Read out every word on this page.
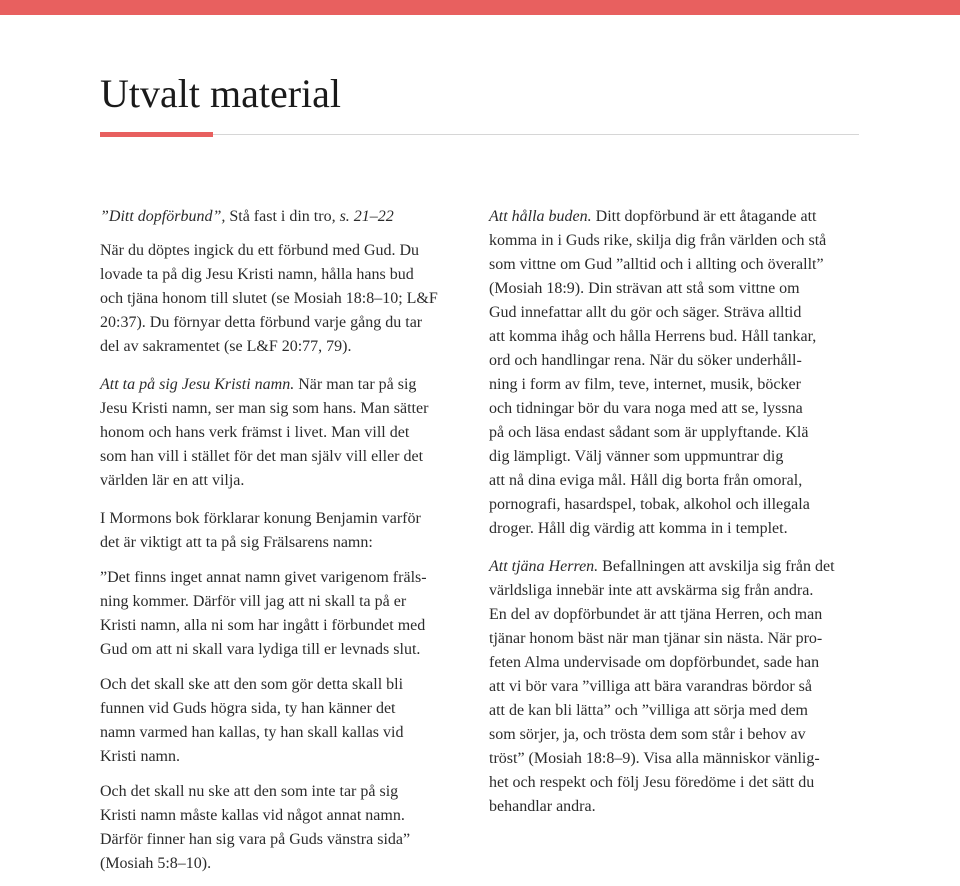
Utvalt material

”Ditt dopförbund”, Stå fast i din tro, s. 21–22

När du döptes ingick du ett förbund med Gud. Du
lovade ta på dig Jesu Kristi namn, hålla hans bud
och tjäna honom till slutet (se Mosiah 18:8–10; L&F
20:37). Du förnyar detta förbund varje gång du tar
del av sakramentet (se L&F 20:77, 79).

Att ta på sig Jesu Kristi namn. När man tar på sig
Jesu Kristi namn, ser man sig som hans. Man sätter
honom och hans verk främst i livet. Man vill det
som han vill i stället för det man själv vill eller det
världen lär en att vilja.

I Mormons bok förklarar konung Benjamin varför
det är viktigt att ta på sig Frälsarens namn:

”Det finns inget annat namn givet varigenom fräls-
ning kommer. Därför vill jag att ni skall ta på er
Kristi namn, alla ni som har ingått i förbundet med
Gud om att ni skall vara lydiga till er levnads slut.

Och det skall ske att den som gör detta skall bli
funnen vid Guds högra sida, ty han känner det
namn varmed han kallas, ty han skall kallas vid
Kristi namn.

Och det skall nu ske att den som inte tar på sig
Kristi namn måste kallas vid något annat namn.
Därför finner han sig vara på Guds vänstra sida”
(Mosiah 5:8–10).

Att hålla buden. Ditt dopförbund är ett åtagande att
komma in i Guds rike, skilja dig från världen och stå
som vittne om Gud ”alltid och i allting och överallt”
(Mosiah 18:9). Din strävan att stå som vittne om
Gud innefattar allt du gör och säger. Sträva alltid
att komma ihåg och hålla Herrens bud. Håll tankar,
ord och handlingar rena. När du söker underhåll-
ning i form av film, teve, internet, musik, böcker
och tidningar bör du vara noga med att se, lyssna
på och läsa endast sådant som är upplyftande. Klä
dig lämpligt. Välj vänner som uppmuntrar dig
att nå dina eviga mål. Håll dig borta från omoral,
pornografi, hasardspel, tobak, alkohol och illegala
droger. Håll dig värdig att komma in i templet.

Att tjäna Herren. Befallningen att avskilja sig från det
världsliga innebär inte att avskärma sig från andra.
En del av dopförbundet är att tjäna Herren, och man
tjänar honom bäst när man tjänar sin nästa. När pro-
feten Alma undervisade om dopförbundet, sade han
att vi bör vara ”villiga att bära varandras bördor så
att de kan bli lätta” och ”villiga att sörja med dem
som sörjer, ja, och trösta dem som står i behov av
tröst” (Mosiah 18:8–9). Visa alla människor vänlig-
het och respekt och följ Jesu föredöme i det sätt du
behandlar andra.
